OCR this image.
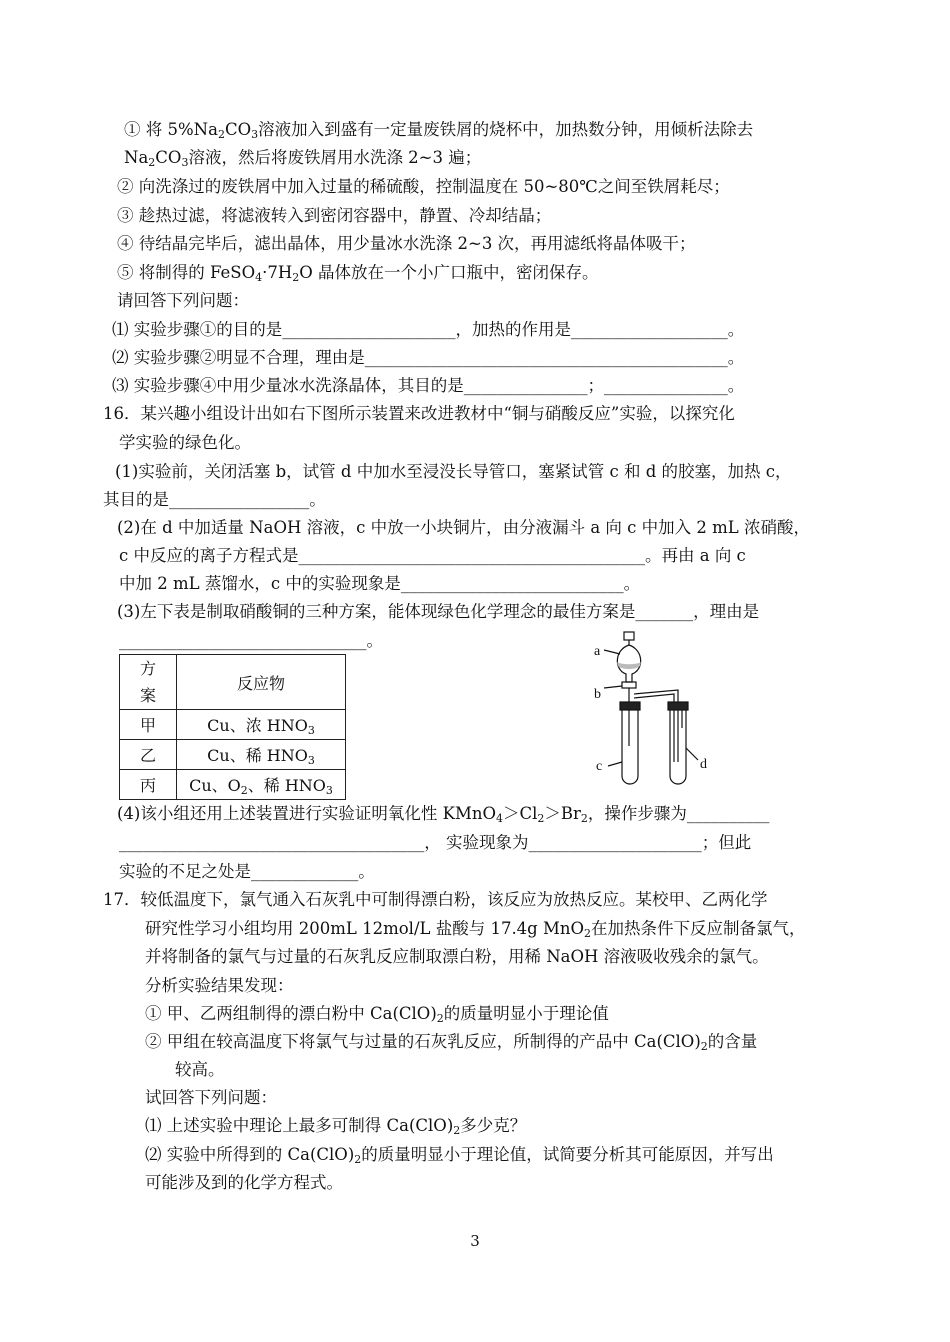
① 将 $5\%Na_2CO_3$溶液加入到盛有一定量废铁屑的烧杯中，加热数分钟，用倾析法除去
$Na_2CO_3$溶液，然后将废铁屑用水洗涤 2~3 遍；
② 向洗涤过的废铁屑中加入过量的稀硫酸，控制温度在 50~80℃之间至铁屑耗尽；
③ 趁热过滤，将滤液转入到密闭容器中，静置、冷却结晶；
④ 待结晶完毕后，滤出晶体，用少量冰水洗涤 2~3 次，再用滤纸将晶体吸干；
⑤ 将制得的 $FeSO_4\cdot 7H_2O$ 晶体放在一个小广口瓶中，密闭保存。
请回答下列问题：
⑴ 实验步骤①的目的是_____________________，加热的作用是___________________。
⑵ 实验步骤②明显不合理，理由是____________________________________________。
⑶ 实验步骤④中用少量冰水洗涤晶体，其目的是_______________；_______________。
16．某兴趣小组设计出如右下图所示装置来改进教材中“铜与硝酸反应”实验，以探究化
学实验的绿色化。
(1)实验前，关闭活塞 b，试管 d 中加水至浸没长导管口，塞紧试管 c 和 d 的胶塞，加热 c，
其目的是_________________。
(2)在 d 中加适量 NaOH 溶液，c 中放一小块铜片，由分液漏斗 a 向 c 中加入 2 mL 浓硝酸，
c 中反应的离子方程式是__________________________________________。再由 a 向 c
中加 2 mL 蒸馏水，c 中的实验现象是___________________________。
(3)左下表是制取硝酸铜的三种方案，能体现绿色化学理念的最佳方案是_______，理由是
______________________________。
方
案	反应物
甲	Cu、浓 $HNO_3$
乙	Cu、稀 $HNO_3$
丙	Cu、$O_2$、稀 $HNO_3$
a
b
c	d
(4)该小组还用上述装置进行实验证明氧化性 $KMnO_4>Cl_2>Br_2$，操作步骤为__________
_____________________________________， 实验现象为_____________________；但此
实验的不足之处是_____________。
17．较低温度下，氯气通入石灰乳中可制得漂白粉，该反应为放热反应。某校甲、乙两化学
研究性学习小组均用 200mL 12mol/L 盐酸与 17.4g MnO$_2$在加热条件下反应制备氯气，
并将制备的氯气与过量的石灰乳反应制取漂白粉，用稀 NaOH 溶液吸收残余的氯气。
分析实验结果发现：
① 甲、乙两组制得的漂白粉中 $Ca(ClO)_2$的质量明显小于理论值
② 甲组在较高温度下将氯气与过量的石灰乳反应，所制得的产品中 $Ca(ClO)_2$的含量
较高。
试回答下列问题：
⑴ 上述实验中理论上最多可制得 $Ca(ClO)_2$多少克？
⑵ 实验中所得到的 $Ca(ClO)_2$的质量明显小于理论值，试简要分析其可能原因，并写出
可能涉及到的化学方程式。
3
